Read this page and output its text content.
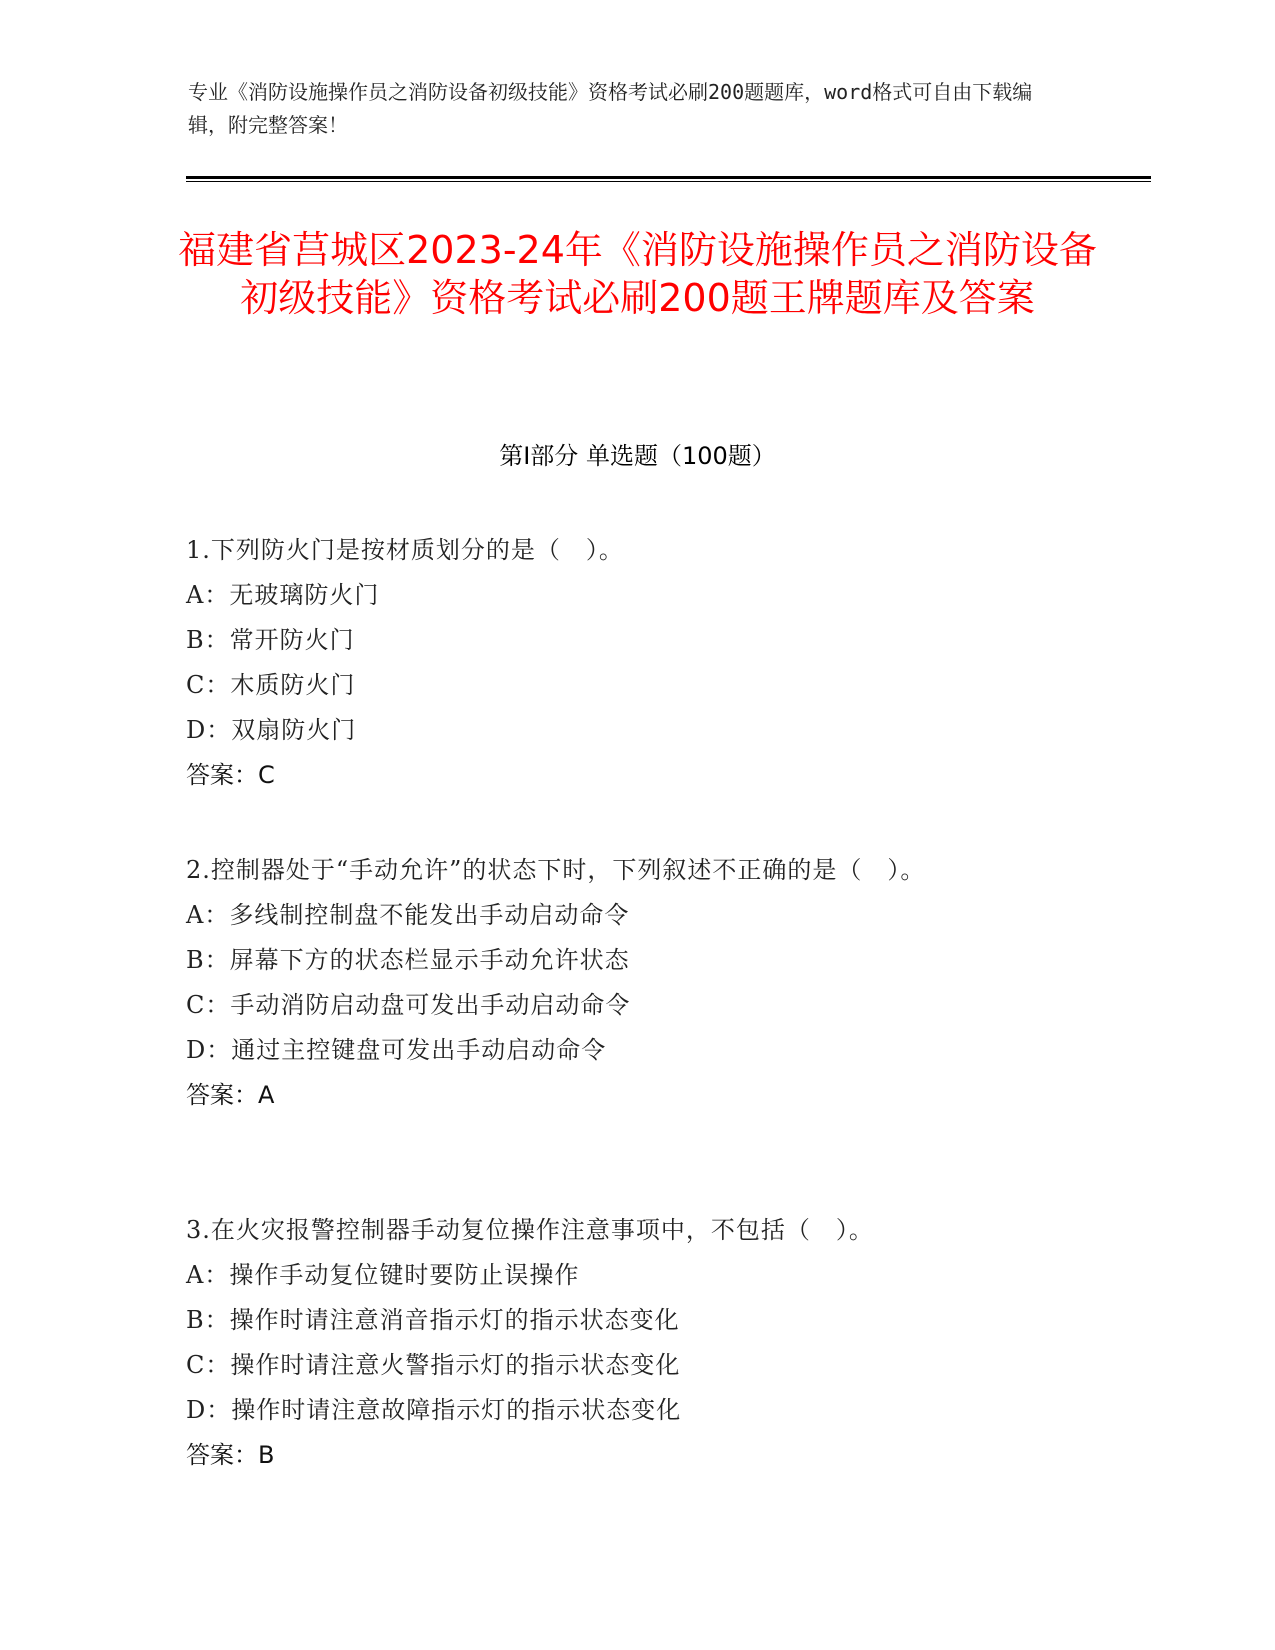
专业《消防设施操作员之消防设备初级技能》资格考试必刷200题题库，word格式可自由下载编辑，附完整答案！
福建省莒城区2023-24年《消防设施操作员之消防设备初级技能》资格考试必刷200题王牌题库及答案
第Ⅰ部分 单选题（100题）
1.下列防火门是按材质划分的是（　）。
A：无玻璃防火门
B：常开防火门
C：木质防火门
D：双扇防火门
答案：C
2.控制器处于“手动允许”的状态下时，下列叙述不正确的是（　）。
A：多线制控制盘不能发出手动启动命令
B：屏幕下方的状态栏显示手动允许状态
C：手动消防启动盘可发出手动启动命令
D：通过主控键盘可发出手动启动命令
答案：A
3.在火灾报警控制器手动复位操作注意事项中，不包括（　）。
A：操作手动复位键时要防止误操作
B：操作时请注意消音指示灯的指示状态变化
C：操作时请注意火警指示灯的指示状态变化
D：操作时请注意故障指示灯的指示状态变化
答案：B
